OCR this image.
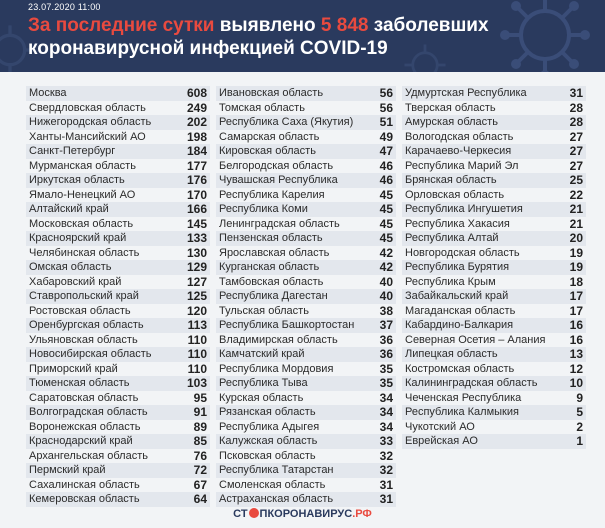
23.07.2020 11:00
За последние сутки выявлено 5 848 заболевших
коронавирусной инфекцией COVID-19
Москва	608
Свердловская область	249
Нижегородская область	202
Ханты-Мансийский АО	198
Санкт-Петербург	184
Мурманская область	177
Иркутская область	176
Ямало-Ненецкий АО	170
Алтайский край	166
Московская область	145
Красноярский край	133
Челябинская область	130
Омская область	129
Хабаровский край	127
Ставропольский край	125
Ростовская область	120
Оренбургская область	113
Ульяновская область	110
Новосибирская область	110
Приморский край	110
Тюменская область	103
Саратовская область	95
Волгоградская область	91
Воронежская область	89
Краснодарский край	85
Архангельская область	76
Пермский край	72
Сахалинская область	67
Кемеровская область	64
Ивановская область	56
Томская область	56
Республика Саха (Якутия) 51
Самарская область	49
Кировская область	47
Белгородская область	46
Чувашская Республика	46
Республика Карелия	45
Республика Коми	45
Ленинградская область	45
Пензенская область	45
Ярославская область	42
Курганская область	42
Тамбовская область	40
Республика Дагестан	40
Тульская область	38
Республика Башкортостан 37
Владимирская область	36
Камчатский край	36
Республика Мордовия	35
Республика Тыва	35
Курская область	34
Рязанская область	34
Республика Адыгея	34
Калужская область	33
Псковская область	32
Республика Татарстан	32
Смоленская область	31
Астраханская область	31
Удмуртская Республика	31
Тверская область	28
Амурская область	28
Вологодская область	27
Карачаево-Черкесия	27
Республика Марий Эл	27
Брянская область	25
Орловская область	22
Республика Ингушетия	21
Республика Хакасия	21
Республика Алтай	20
Новгородская область	19
Республика Бурятия	19
Республика Крым	18
Забайкальский край	17
Магаданская область	17
Кабардино-Балкария	16
Северная Осетия – Алания 16
Липецкая область	13
Костромская область	12
Калининградская область	10
Чеченская Республика	9
Республика Калмыкия	5
Чукотский АО	2
Еврейская АО	1
СТ ПКОРОНАВИРУС.РФ
